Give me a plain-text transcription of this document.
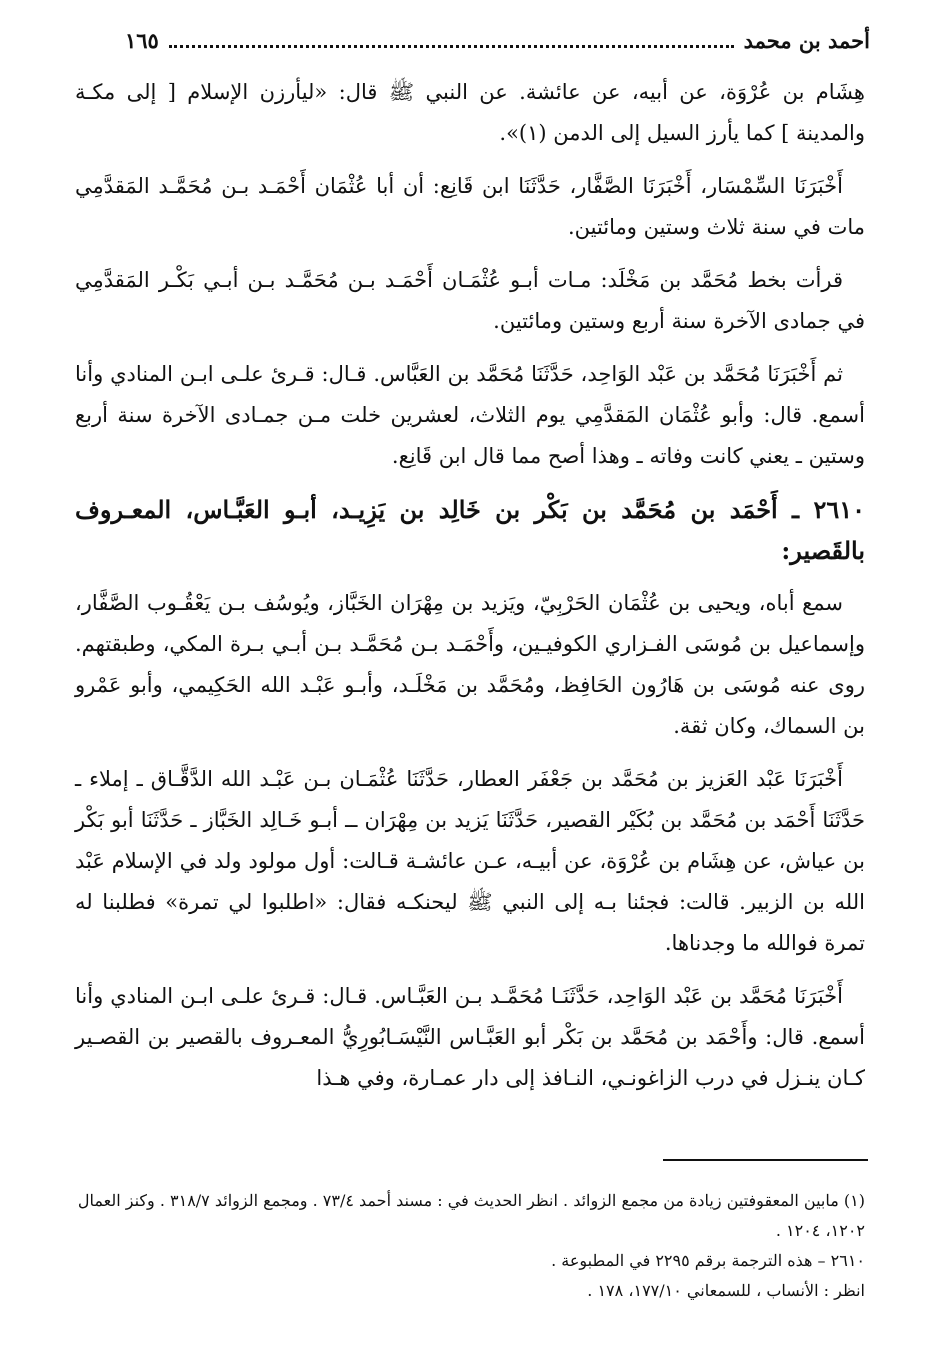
أحمد بن محمد
١٦٥

هِشَام بن عُرْوَة، عن أبيه، عن عائشة. عن النبي ﷺ قال: «ليأرزن الإسلام [ إلى مكـة والمدينة ] كما يأرز السيل إلى الدمن (١)».

أَخْبَرَنَا السِّمْسَار، أَخْبَرَنَا الصَّفَّار، حَدَّثَنَا ابن قَانِع: أن أبا عُثْمَان أَحْمَـد بـن مُحَمَّـد المَقدَّمِي مات في سنة ثلاث وستين ومائتين.

قرأت بخط مُحَمَّد بن مَخْلَد: مـات أبـو عُثْمَـان أَحْمَـد بـن مُحَمَّـد بـن أبـي بَكْـر المَقدَّمِي في جمادى الآخرة سنة أربع وستين ومائتين.

ثم أَخْبَرَنَا مُحَمَّد بن عَبْد الوَاحِد، حَدَّثَنَا مُحَمَّد بن العَبَّاس. قـال: قـرئ علـى ابـن المنادي وأنا أسمع. قال: وأبو عُثْمَان المَقدَّمِي يوم الثلاث، لعشرين خلت مـن جمـادى الآخرة سنة أربع وستين ـ يعني كانت وفاته ـ وهذا أصح مما قال ابن قَانِع.

٢٦١٠ ـ أَحْمَد بن مُحَمَّد بن بَكْر بن خَالِد بن يَزِيـد، أبـو العَبَّـاس، المعـروف بالقَصير:

سمع أباه، ويحيى بن عُثْمَان الحَرْبِيّ، ويَزيد بن مِهْرَان الخَبَّاز، ويُوسُف بـن يَعْقُـوب الصَّفَّار، وإسماعيل بن مُوسَى الفـزاري الكوفيـين، وأَحْمَـد بـن مُحَمَّـد بـن أبـي بـرة المكي، وطبقتهم. روى عنه مُوسَى بن هَارُون الحَافِظ، ومُحَمَّد بن مَخْلَـد، وأبـو عَبْـد الله الحَكِيمي، وأبو عَمْرو بن السماك، وكان ثقة.

أَخْبَرَنَا عَبْد العَزيز بن مُحَمَّد بن جَعْفَر العطار، حَدَّثَنَا عُثْمَـان بـن عَبْـد الله الدَّقَّـاق ـ إملاء ـ حَدَّثَنَا أَحْمَد بن مُحَمَّد بن بُكَيْر القصير، حَدَّثَنَا يَزيد بن مِهْرَان ــ أبـو خَـالِد الخَبَّاز ـ حَدَّثَنَا أبو بَكْر بن عياش، عن هِشَام بن عُرْوَة، عن أبيـه، عـن عائشـة قـالت: أول مولود ولد في الإسلام عَبْد الله بن الزبير. قالت: فجئنا بـه إلى النبي ﷺ ليحنكـه فقال: «اطلبوا لي تمرة» فطلبنا له تمرة فوالله ما وجدناها.

أَخْبَرَنَا مُحَمَّد بن عَبْد الوَاحِد، حَدَّثَنَـا مُحَمَّـد بـن العَبَّـاس. قـال: قـرئ علـى ابـن المنادي وأنا أسمع. قال: وأَحْمَد بن مُحَمَّد بن بَكْر أبو العَبَّـاس النَّيْسَـابُورِيُّ المعـروف بالقصير بن القصـير كـان ينـزل في درب الزاغونـي، النـافذ إلى دار عمـارة، وفي هـذا

(١) مابين المعقوفتين زيادة من مجمع الزوائد . انظر الحديث في : مسند أحمد ٧٣/٤ . ومجمع الزوائد ٣١٨/٧ . وكنز العمال ١٢٠٢، ١٢٠٤ .
٢٦١٠ – هذه الترجمة برقم ٢٢٩٥ في المطبوعة .
انظر : الأنساب ، للسمعاني ١٧٧/١٠، ١٧٨ .
